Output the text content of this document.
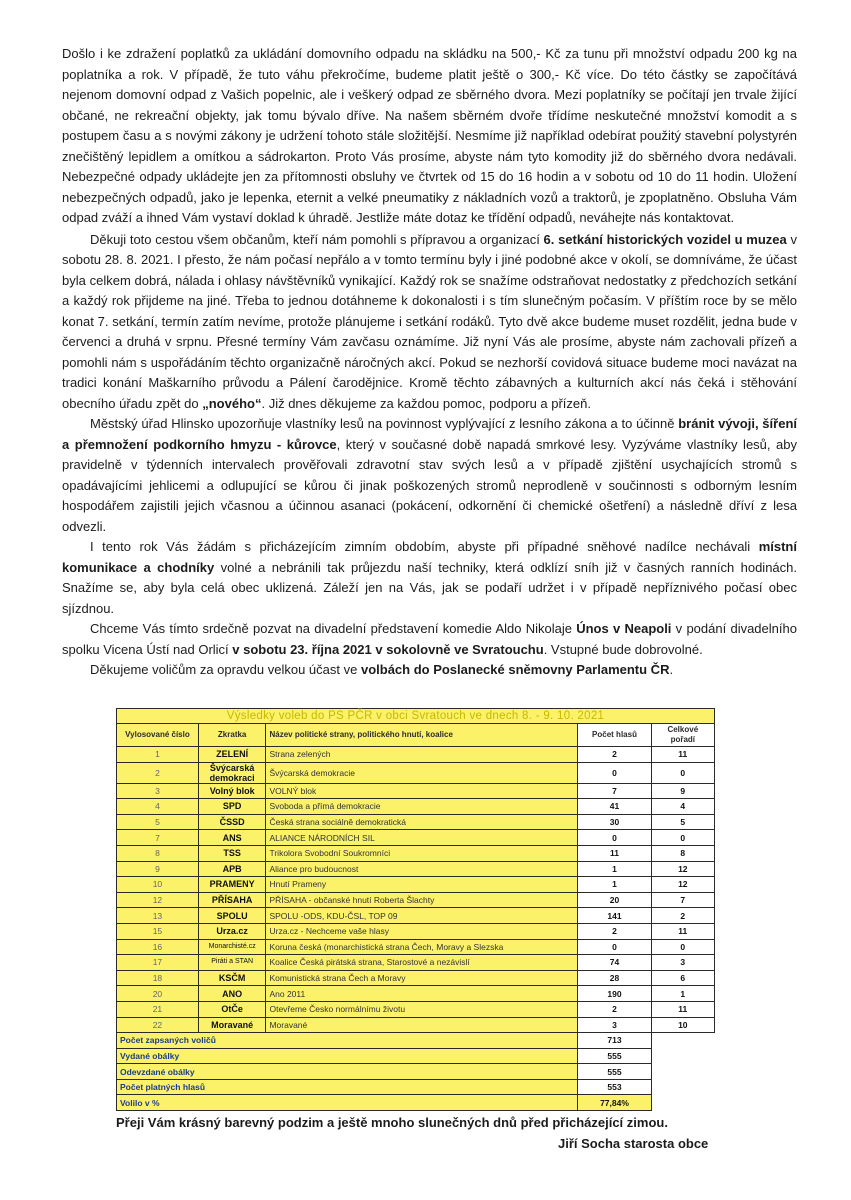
Došlo i ke zdražení poplatků za ukládání domovního odpadu na skládku na 500,- Kč za tunu při množství odpadu 200 kg na poplatníka a rok. V případě, že tuto váhu překročíme, budeme platit ještě o 300,- Kč více. Do této částky se započítává nejenom domovní odpad z Vašich popelnic, ale i veškerý odpad ze sběrného dvora. Mezi poplatníky se počítají jen trvale žijící občané, ne rekreační objekty, jak tomu bývalo dříve. Na našem sběrném dvoře třídíme neskutečné množství komodit a s postupem času a s novými zákony je udržení tohoto stále složitější. Nesmíme již například odebírat použitý stavební polystyrén znečištěný lepidlem a omítkou a sádrokarton. Proto Vás prosíme, abyste nám tyto komodity již do sběrného dvora nedávali. Nebezpečné odpady ukládejte jen za přítomnosti obsluhy ve čtvrtek od 15 do 16 hodin a v sobotu od 10 do 11 hodin. Uložení nebezpečných odpadů, jako je lepenka, eternit a velké pneumatiky z nákladních vozů a traktorů, je zpoplatněno. Obsluha Vám odpad zváží a ihned Vám vystaví doklad k úhradě. Jestliže máte dotaz ke třídění odpadů, neváhejte nás kontaktovat.

Děkuji toto cestou všem občanům, kteří nám pomohli s přípravou a organizací 6. setkání historických vozidel u muzea v sobotu 28. 8. 2021. I přesto, že nám počasí nepřálo a v tomto termínu byly i jiné podobné akce v okolí, se domníváme, že účast byla celkem dobrá, nálada i ohlasy návštěvníků vynikající. Každý rok se snažíme odstraňovat nedostatky z předchozích setkání a každý rok přijdeme na jiné. Třeba to jednou dotáhneme k dokonalosti i s tím slunečným počasím. V příštím roce by se mělo konat 7. setkání, termín zatím nevíme, protože plánujeme i setkání rodáků. Tyto dvě akce budeme muset rozdělit, jedna bude v červenci a druhá v srpnu. Přesné termíny Vám zavčasu oznámíme. Již nyní Vás ale prosíme, abyste nám zachovali přízeň a pomohli nám s uspořádáním těchto organizačně náročných akcí. Pokud se nezhorší covidová situace budeme moci navázat na tradici konání Maškarního průvodu a Pálení čarodějnice. Kromě těchto zábavných a kulturních akcí nás čeká i stěhování obecního úřadu zpět do „nového“. Již dnes děkujeme za každou pomoc, podporu a přízeň.

Městský úřad Hlinsko upozorňuje vlastníky lesů na povinnost vyplývající z lesního zákona a to účinně bránit vývoji, šíření a přemnožení podkorního hmyzu - kůrovce, který v současné době napadá smrkové lesy. Vyzýváme vlastníky lesů, aby pravidelně v týdenních intervalech prověřovali zdravotní stav svých lesů a v případě zjištění usychajících stromů s opadávajícími jehlicemi a odlupující se kůrou či jinak poškozených stromů neprodleně v součinnosti s odborným lesním hospodářem zajistili jejich včasnou a účinnou asanaci (pokácení, odkornění či chemické ošetření) a následně dříví z lesa odvezli.

I tento rok Vás žádám s přicházejícím zimním obdobím, abyste při případné sněhové nadílce nechávali místní komunikace a chodníky volné a nebránili tak průjezdu naší techniky, která odklízí sníh již v časných ranních hodinách. Snažíme se, aby byla celá obec uklizená. Záleží jen na Vás, jak se podaří udržet i v případě nepříznivého počasí obec sjízdnou.

Chceme Vás tímto srdečně pozvat na divadelní představení komedie Aldo Nikolaje Únos v Neapoli v podání divadelního spolku Vicena Ústí nad Orlicí v sobotu 23. října 2021 v sokolovně ve Svratouchu. Vstupné bude dobrovolné.

Děkujeme voličům za opravdu velkou účast ve volbách do Poslanecké sněmovny Parlamentu ČR.

Výsledky voleb do PS PČR v obci Svratouch ve dnech 8. - 9. 10. 2021				
Vylosované číslo	Zkratka	Název politické strany, politického hnutí, koalice	Počet hlasů	Celkové pořadí
1	ZELENÍ	Strana zelených	2	11
2	Švýcarská demokraci	Švýcarská demokracie	0	0
3	Volný blok	VOLNÝ blok	7	9
4	SPD	Svoboda a přímá demokracie	41	4
5	ČSSD	Česká strana sociálně demokratická	30	5
7	ANS	ALIANCE NÁRODNÍCH SIL	0	0
8	TSS	Trikolora Svobodní Soukromníci	11	8
9	APB	Aliance pro budoucnost	1	12
10	PRAMENY	Hnutí Prameny	1	12
12	PŘÍSAHA	PŘÍSAHA - občanské hnutí Roberta Šlachty	20	7
13	SPOLU	SPOLU -ODS, KDU-ČSL, TOP 09	141	2
15	Urza.cz	Urza.cz - Nechceme vaše hlasy	2	11
16	Monarchisté.cz	Koruna česká (monarchistická strana Čech, Moravy a Slezska	0	0
17	Piráti a STAN	Koalice Česká pirátská strana, Starostové a nezávislí	74	3
18	KSČM	Komunistická strana Čech a Moravy	28	6
20	ANO	Ano 2011	190	1
21	OtČe	Otevřeme Česko normálnímu životu	2	11
22	Moravané	Moravané	3	10
Počet zapsaných voličů			713	
Vydané obálky			555	
Odevzdané obálky			555	
Počet platných hlasů			553	
Volilo v %			77,84%	
Přeji Vám krásný barevný podzim a ještě mnoho slunečných dnů před přicházející zimou.
Jiří Socha starosta obce
